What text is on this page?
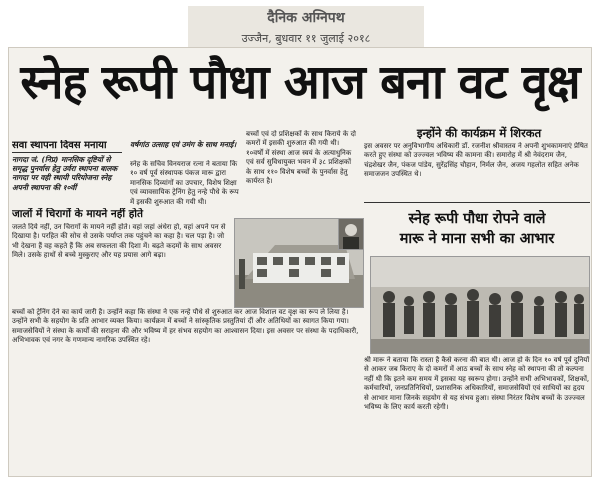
दैनिक अग्निपथ
उज्जैन, बुधवार ११ जुलाई २०१८
स्नेह रूपी पौधा आज बना वट वृक्ष
सवा स्थापना दिवस मनाया
नागदा जं. (निप्र) मानसिक दृष्टियों से समृद्ध पुनर्वास हेतु उर्वरा स्थापना बालक नागदा पर वही स्थायी परियोजना स्नेह अपनी स्थापना की १०वीं
जालों में चिरागों के मायने नहीं होते
वर्षगांठ उत्साह एवं उमंग के साथ मनाई।
स्नेह के सचिव विनयराज रत्ना ने बताया कि १० वर्ष पूर्व संस्थापक पंकज मारू द्वारा मानसिक दिव्यांगों का उपचार, विशेष शिक्षा एवं व्यावसायिक ट्रेनिंग हेतु नन्हे पौधे के रूप में इसकी शुरुआत की गयी थी।
बच्चों एवं दो प्रशिक्षकों के साथ किराये के दो कमरों में इसकी शुरुआत की गयी थी। १०वर्षों में संस्था आज स्वयं के अत्याधुनिक एवं सर्व सुविधायुक्त भवन में ३८ प्रशिक्षकों के साथ ११० विशेष बच्चों के पुनर्वास हेतु कार्यरत है।
जलते दिये नहीं, उन चिरागों के मायने नहीं होते। वहां जहां अंधेरा हो, वहां अपने पन से दिखाया है। परहित की सोच से उसके पर्याप्त तक पहुंचने का कहा है। चल पड़ा है। जो भी देखना हैं वह कहते हैं कि अब सफलता की दिशा में। बढ़ते कदमों के साथ अवसर मिले। उसके हाथों से बच्चे मुस्कुराए और यह प्रयास आगे बढ़ा।
बच्चों को ट्रेनिंग देने का कार्य जारी है। उन्होंने कहा कि संस्था ने एक नन्हे पौधे से शुरुआत कर आज विशाल वट वृक्ष का रूप ले लिया है। उन्होंने सभी के सहयोग के प्रति आभार व्यक्त किया। कार्यक्रम में बच्चों ने सांस्कृतिक प्रस्तुतियां दीं और अतिथियों का स्वागत किया गया। समाजसेवियों ने संस्था के कार्यों की सराहना की और भविष्य में हर संभव सहयोग का आश्वासन दिया। इस अवसर पर संस्था के पदाधिकारी, अभिभावक एवं नगर के गणमान्य नागरिक उपस्थित रहे।
इन्होंने की कार्यक्रम में शिरकत
इस अवसर पर अनुविभागीय अधिकारी डॉ. रजनीश श्रीवास्तव ने अपनी शुभकामनाएं प्रेषित करते हुए संस्था को उज्ज्वल भविष्य की कामना की। समारोह में श्री नेवंदराम जैन, चंद्रशेखर जैन, पंकज पांडेय, सुरेंद्रसिंह चौहान, निर्मल जैन, अजय गहलोत सहित अनेक समाजजन उपस्थित थे।
स्नेह रूपी पौधा रोपने वाले
मारू ने माना सभी का आभार
श्री मारू ने बताया कि रास्ता है कैसे करना की बात थी। आज हो के दिन १० वर्ष पूर्व दुनियों से आकर जब किराए के दो कमरों में आठ बच्चों के साथ स्नेह को स्थापना की तो कल्पना नहीं थी कि इतने कम समय में इसका यह स्वरूप होगा। उन्होंने सभी अभिभावकों, शिक्षकों, कर्मचारियों, जनप्रतिनिधियों, प्रशासनिक अधिकारियों, समाजसेवियों एवं साथियों का हृदय से आभार माना जिनके सहयोग से यह संभव हुआ। संस्था निरंतर विशेष बच्चों के उज्ज्वल भविष्य के लिए कार्य करती रहेगी।
